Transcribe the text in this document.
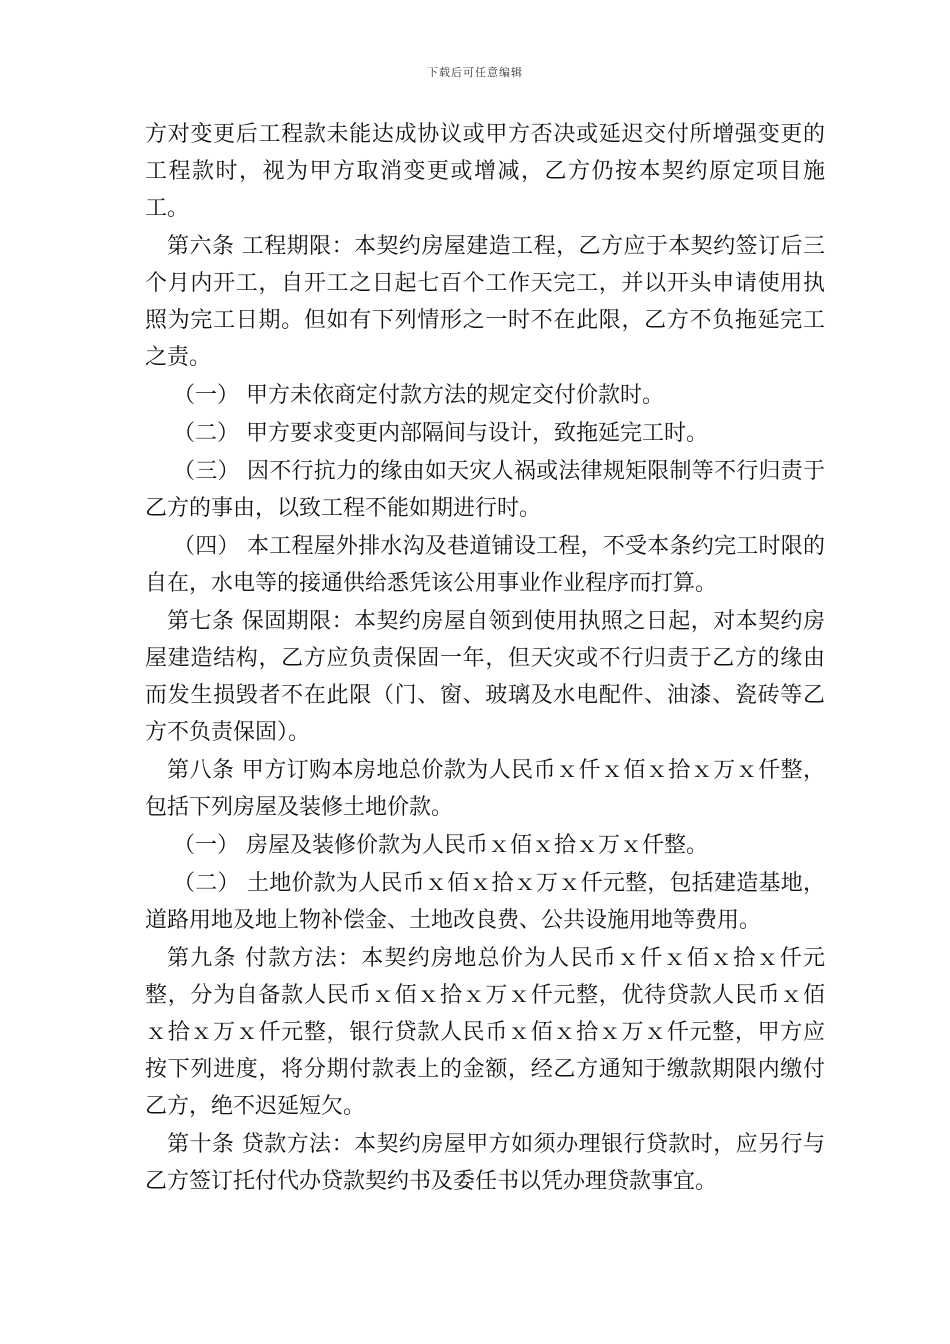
下载后可任意编辑

方对变更后工程款未能达成协议或甲方否决或延迟交付所增强变更的工程款时，视为甲方取消变更或增减，乙方仍按本契约原定项目施工。

第六条 工程期限：本契约房屋建造工程，乙方应于本契约签订后三个月内开工，自开工之日起七百个工作天完工，并以开头申请使用执照为完工日期。但如有下列情形之一时不在此限，乙方不负拖延完工之责。

（一） 甲方未依商定付款方法的规定交付价款时。

（二） 甲方要求变更内部隔间与设计，致拖延完工时。

（三） 因不行抗力的缘由如天灾人祸或法律规矩限制等不行归责于乙方的事由，以致工程不能如期进行时。

（四） 本工程屋外排水沟及巷道铺设工程，不受本条约完工时限的自在，水电等的接通供给悉凭该公用事业作业程序而打算。

第七条 保固期限：本契约房屋自领到使用执照之日起，对本契约房屋建造结构，乙方应负责保固一年，但天灾或不行归责于乙方的缘由而发生损毁者不在此限（门、窗、玻璃及水电配件、油漆、瓷砖等乙方不负责保固）。

第八条 甲方订购本房地总价款为人民币ｘ仟ｘ佰ｘ拾ｘ万ｘ仟整，包括下列房屋及装修土地价款。

（一） 房屋及装修价款为人民币ｘ佰ｘ拾ｘ万ｘ仟整。

（二） 土地价款为人民币ｘ佰ｘ拾ｘ万ｘ仟元整，包括建造基地，道路用地及地上物补偿金、土地改良费、公共设施用地等费用。

第九条 付款方法：本契约房地总价为人民币ｘ仟ｘ佰ｘ拾ｘ仟元整，分为自备款人民币ｘ佰ｘ拾ｘ万ｘ仟元整，优待贷款人民币ｘ佰ｘ拾ｘ万ｘ仟元整，银行贷款人民币ｘ佰ｘ拾ｘ万ｘ仟元整，甲方应按下列进度，将分期付款表上的金额，经乙方通知于缴款期限内缴付乙方，绝不迟延短欠。

第十条 贷款方法：本契约房屋甲方如须办理银行贷款时，应另行与乙方签订托付代办贷款契约书及委任书以凭办理贷款事宜。
